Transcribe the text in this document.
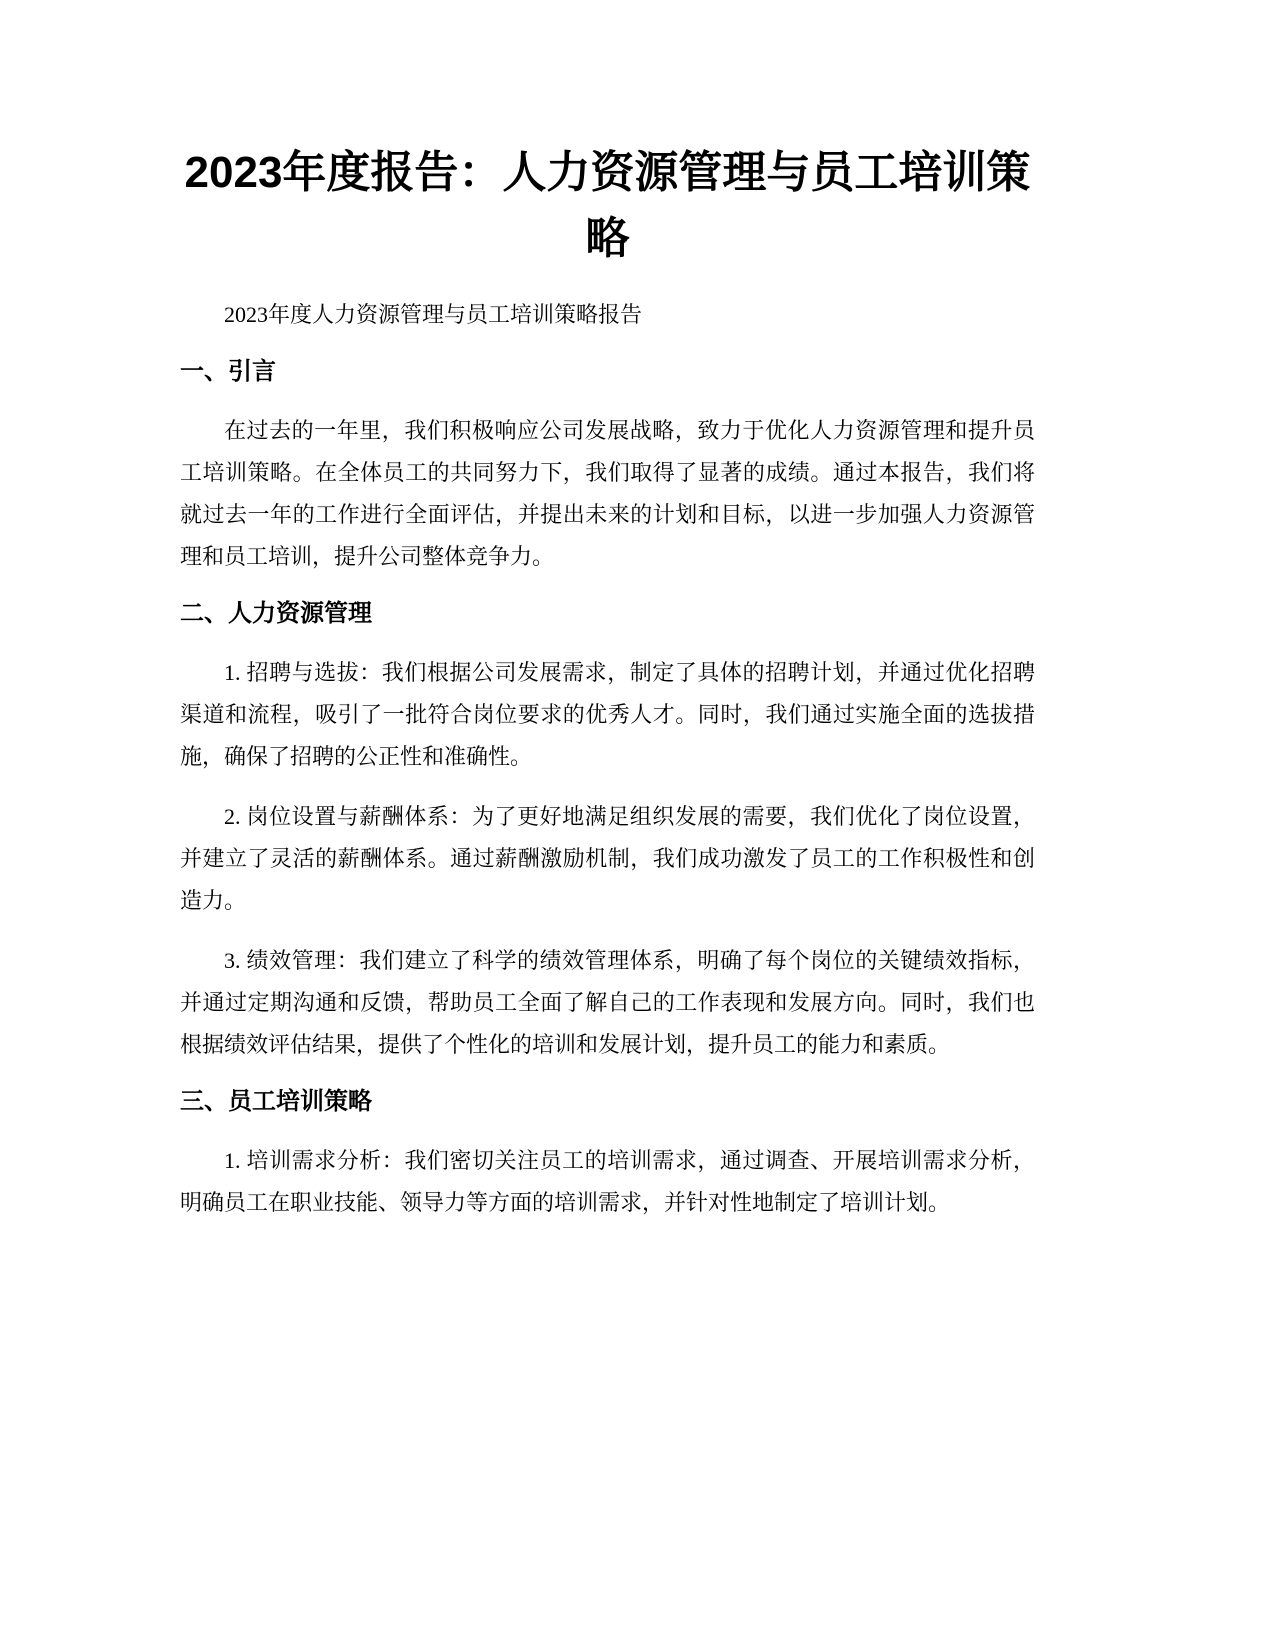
2023年度报告：人力资源管理与员工培训策略

2023年度人力资源管理与员工培训策略报告

一、引言

在过去的一年里，我们积极响应公司发展战略，致力于优化人力资源管理和提升员工培训策略。在全体员工的共同努力下，我们取得了显著的成绩。通过本报告，我们将就过去一年的工作进行全面评估，并提出未来的计划和目标，以进一步加强人力资源管理和员工培训，提升公司整体竞争力。

二、人力资源管理

1. 招聘与选拔：我们根据公司发展需求，制定了具体的招聘计划，并通过优化招聘渠道和流程，吸引了一批符合岗位要求的优秀人才。同时，我们通过实施全面的选拔措施，确保了招聘的公正性和准确性。

2. 岗位设置与薪酬体系：为了更好地满足组织发展的需要，我们优化了岗位设置，并建立了灵活的薪酬体系。通过薪酬激励机制，我们成功激发了员工的工作积极性和创造力。

3. 绩效管理：我们建立了科学的绩效管理体系，明确了每个岗位的关键绩效指标，并通过定期沟通和反馈，帮助员工全面了解自己的工作表现和发展方向。同时，我们也根据绩效评估结果，提供了个性化的培训和发展计划，提升员工的能力和素质。

三、员工培训策略

1. 培训需求分析：我们密切关注员工的培训需求，通过调查、开展培训需求分析，明确员工在职业技能、领导力等方面的培训需求，并针对性地制定了培训计划。
